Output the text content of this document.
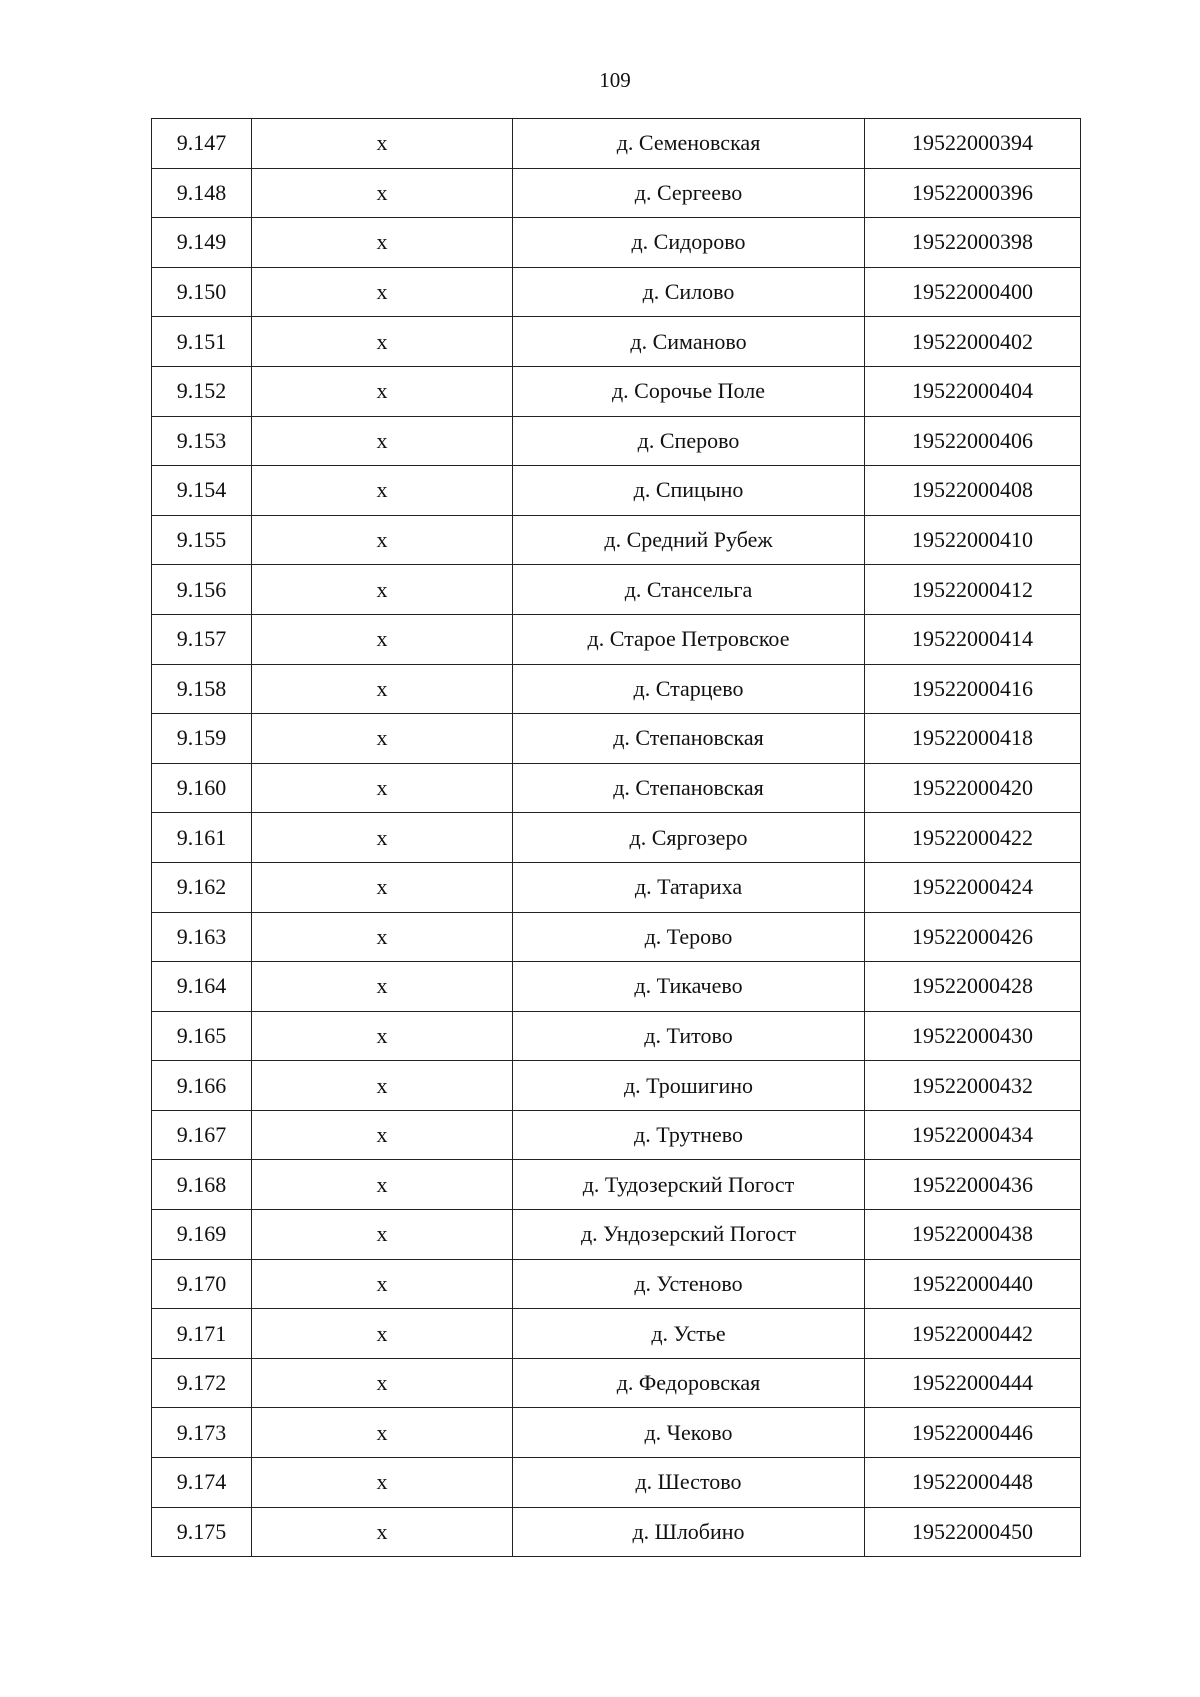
109
9.147	x	д. Семеновская	19522000394
9.148	x	д. Сергеево	19522000396
9.149	x	д. Сидорово	19522000398
9.150	x	д. Силово	19522000400
9.151	x	д. Симаново	19522000402
9.152	x	д. Сорочье Поле	19522000404
9.153	x	д. Сперово	19522000406
9.154	x	д. Спицыно	19522000408
9.155	x	д. Средний Рубеж	19522000410
9.156	x	д. Стансельга	19522000412
9.157	x	д. Старое Петровское	19522000414
9.158	x	д. Старцево	19522000416
9.159	x	д. Степановская	19522000418
9.160	x	д. Степановская	19522000420
9.161	x	д. Сяргозеро	19522000422
9.162	x	д. Татариха	19522000424
9.163	x	д. Терово	19522000426
9.164	x	д. Тикачево	19522000428
9.165	x	д. Титово	19522000430
9.166	x	д. Трошигино	19522000432
9.167	x	д. Трутнево	19522000434
9.168	x	д. Тудозерский Погост	19522000436
9.169	x	д. Ундозерский Погост	19522000438
9.170	x	д. Устеново	19522000440
9.171	x	д. Устье	19522000442
9.172	x	д. Федоровская	19522000444
9.173	x	д. Чеково	19522000446
9.174	x	д. Шестово	19522000448
9.175	x	д. Шлобино	19522000450
